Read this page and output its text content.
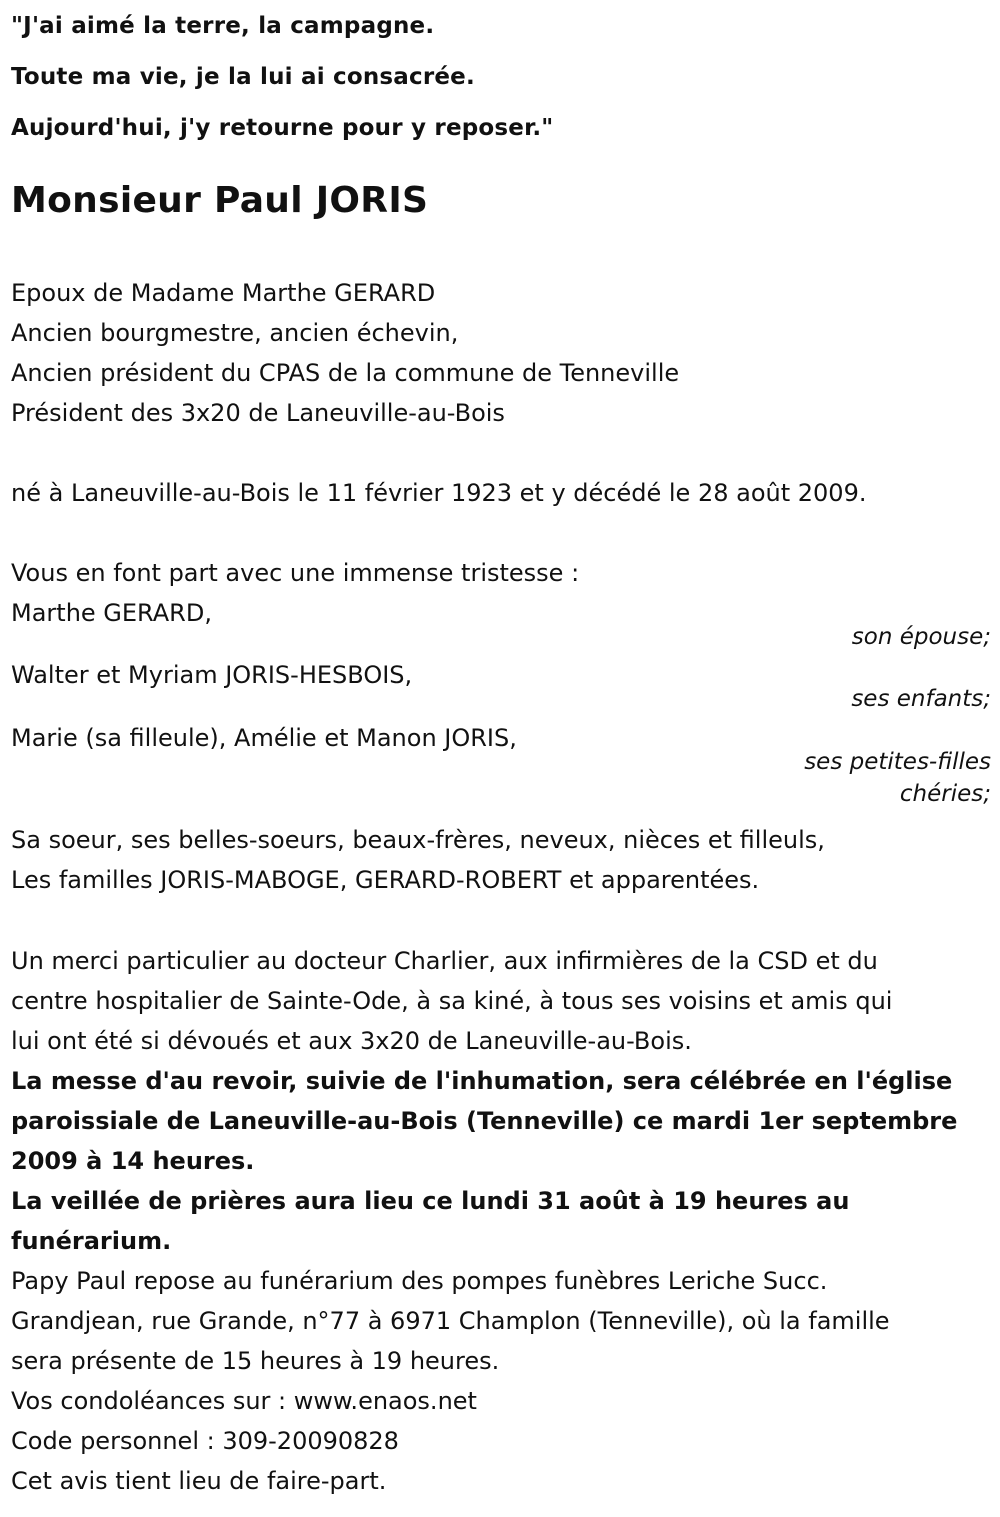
"J'ai aimé la terre, la campagne.

Toute ma vie, je la lui ai consacrée.

Aujourd'hui, j'y retourne pour y reposer."

Monsieur Paul JORIS
Epoux de Madame Marthe GERARD
Ancien bourgmestre, ancien échevin,
Ancien président du CPAS de la commune de Tenneville
Président des 3x20 de Laneuville-au-Bois
né à Laneuville-au-Bois le 11 février 1923 et y décédé le 28 août 2009.
Vous en font part avec une immense tristesse :
Marthe GERARD,
son épouse;
Walter et Myriam JORIS-HESBOIS,
ses enfants;
Marie (sa filleule), Amélie et Manon JORIS,
ses petites-filles
chéries;
Sa soeur, ses belles-soeurs, beaux-frères, neveux, nièces et filleuls,
Les familles JORIS-MABOGE, GERARD-ROBERT et apparentées.
Un merci particulier au docteur Charlier, aux infirmières de la CSD et du
centre hospitalier de Sainte-Ode, à sa kiné, à tous ses voisins et amis qui
lui ont été si dévoués et aux 3x20 de Laneuville-au-Bois.
La messe d'au revoir, suivie de l'inhumation, sera célébrée en l'église
paroissiale de Laneuville-au-Bois (Tenneville) ce mardi 1er septembre
2009 à 14 heures.
La veillée de prières aura lieu ce lundi 31 août à 19 heures au
funérarium.
Papy Paul repose au funérarium des pompes funèbres Leriche Succ.
Grandjean, rue Grande, n°77 à 6971 Champlon (Tenneville), où la famille
sera présente de 15 heures à 19 heures.
Vos condoléances sur : www.enaos.net
Code personnel : 309-20090828
Cet avis tient lieu de faire-part.
